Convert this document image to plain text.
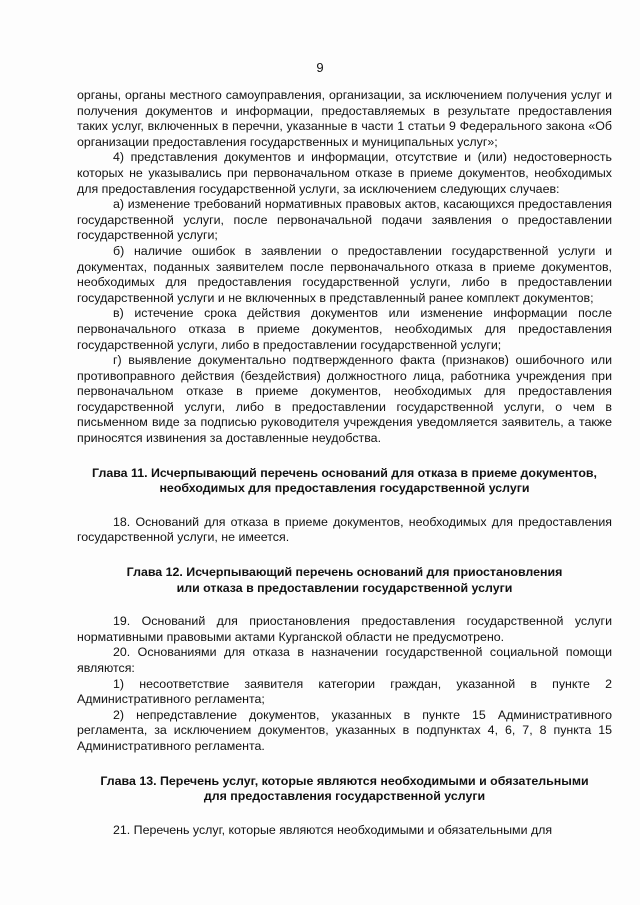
9

органы, органы местного самоуправления, организации, за исключением получения услуг и получения документов и информации, предоставляемых в результате предоставления таких услуг, включенных в перечни, указанные в части 1 статьи 9 Федерального закона «Об организации предоставления государственных и муниципальных услуг»;

4) представления документов и информации, отсутствие и (или) недостоверность которых не указывались при первоначальном отказе в приеме документов, необходимых для предоставления государственной услуги, за исключением следующих случаев:

а) изменение требований нормативных правовых актов, касающихся предоставления государственной услуги, после первоначальной подачи заявления о предоставлении государственной услуги;

б) наличие ошибок в заявлении о предоставлении государственной услуги и документах, поданных заявителем после первоначального отказа в приеме документов, необходимых для предоставления государственной услуги, либо в предоставлении государственной услуги и не включенных в представленный ранее комплект документов;

в) истечение срока действия документов или изменение информации после первоначального отказа в приеме документов, необходимых для предоставления государственной услуги, либо в предоставлении государственной услуги;

г) выявление документально подтвержденного факта (признаков) ошибочного или противоправного действия (бездействия) должностного лица, работника учреждения при первоначальном отказе в приеме документов, необходимых для предоставления государственной услуги, либо в предоставлении государственной услуги, о чем в письменном виде за подписью руководителя учреждения уведомляется заявитель, а также приносятся извинения за доставленные неудобства.

Глава 11. Исчерпывающий перечень оснований для отказа в приеме документов,
необходимых для предоставления государственной услуги

18. Оснований для отказа в приеме документов, необходимых для предоставления государственной услуги, не имеется.

Глава 12. Исчерпывающий перечень оснований для приостановления
или отказа в предоставлении государственной услуги

19. Оснований для приостановления предоставления государственной услуги нормативными правовыми актами Курганской области не предусмотрено.

20. Основаниями для отказа в назначении государственной социальной помощи являются:

1) несоответствие заявителя категории граждан, указанной в пункте 2 Административного регламента;

2) непредставление документов, указанных в пункте 15 Административного регламента, за исключением документов, указанных в подпунктах 4, 6, 7, 8 пункта 15 Административного регламента.

Глава 13. Перечень услуг, которые являются необходимыми и обязательными
для предоставления государственной услуги

21. Перечень услуг, которые являются необходимыми и обязательными для
